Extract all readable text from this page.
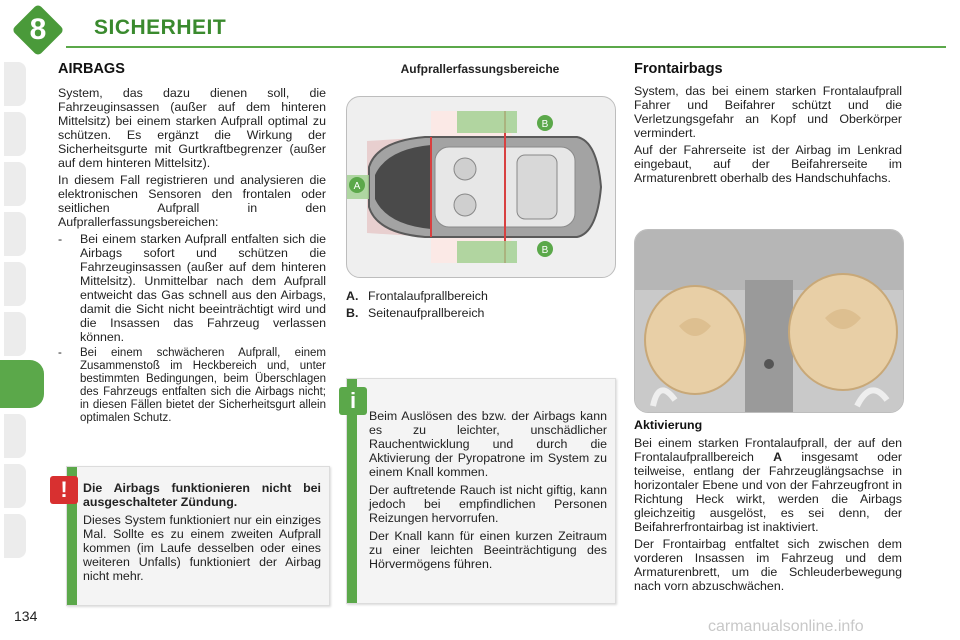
8	SICHERHEIT
AIRBAGS

System, das dazu dienen soll, die Fahrzeuginsassen (außer auf dem hinteren Mittelsitz) bei einem starken Aufprall optimal zu schützen. Es ergänzt die Wirkung der Sicherheitsgurte mit Gurtkraftbegrenzer (außer auf dem hinteren Mittelsitz).

In diesem Fall registrieren und analysieren die elektronischen Sensoren den frontalen oder seitlichen Aufprall in den Aufprallerfassungsbereichen:

-	Bei einem starken Aufprall entfalten sich die Airbags sofort und schützen die Fahrzeuginsassen (außer auf dem hinteren Mittelsitz). Unmittelbar nach dem Aufprall entweicht das Gas schnell aus den Airbags, damit die Sicht nicht beeinträchtigt wird und die Insassen das Fahrzeug verlassen können.
-	Bei einem schwächeren Aufprall, einem Zusammenstoß im Heckbereich und, unter bestimmten Bedingungen, beim Überschlagen des Fahrzeugs entfalten sich die Airbags nicht; in diesen Fällen bietet der Sicherheitsgurt allein optimalen Schutz.

Die Airbags funktionieren nicht bei ausgeschalteter Zündung.

Dieses System funktioniert nur ein einziges Mal. Sollte es zu einem zweiten Aufprall kommen (im Laufe desselben oder eines weiteren Unfalls) funktioniert der Airbag nicht mehr.

!
Aufprallerfassungsbereiche
A
B
B
A. Frontalaufprallbereich
B. Seitenaufprallbereich

Beim Auslösen des bzw. der Airbags kann es zu leichter, unschädlicher Rauchentwicklung und durch die Aktivierung der Pyropatrone im System zu einem Knall kommen.

Der auftretende Rauch ist nicht giftig, kann jedoch bei empfindlichen Personen Reizungen hervorrufen.

Der Knall kann für einen kurzen Zeitraum zu einer leichten Beeinträchtigung des Hörvermögens führen.

i
Frontairbags

System, das bei einem starken Frontalaufprall Fahrer und Beifahrer schützt und die Verletzungsgefahr an Kopf und Oberkörper vermindert.

Auf der Fahrerseite ist der Airbag im Lenkrad eingebaut, auf der Beifahrerseite im Armaturenbrett oberhalb des Handschuhfachs.

Aktivierung

Bei einem starken Frontalaufprall, der auf den Frontalaufprallbereich A insgesamt oder teilweise, entlang der Fahrzeuglängsachse in horizontaler Ebene und von der Fahrzeugfront in Richtung Heck wirkt, werden die Airbags gleichzeitig ausgelöst, es sei denn, der Beifahrerfrontairbag ist inaktiviert.

Der Frontairbag entfaltet sich zwischen dem vorderen Insassen im Fahrzeug und dem Armaturenbrett, um die Schleuderbewegung nach vorn abzuschwächen.

134
carmanualsonline.info
